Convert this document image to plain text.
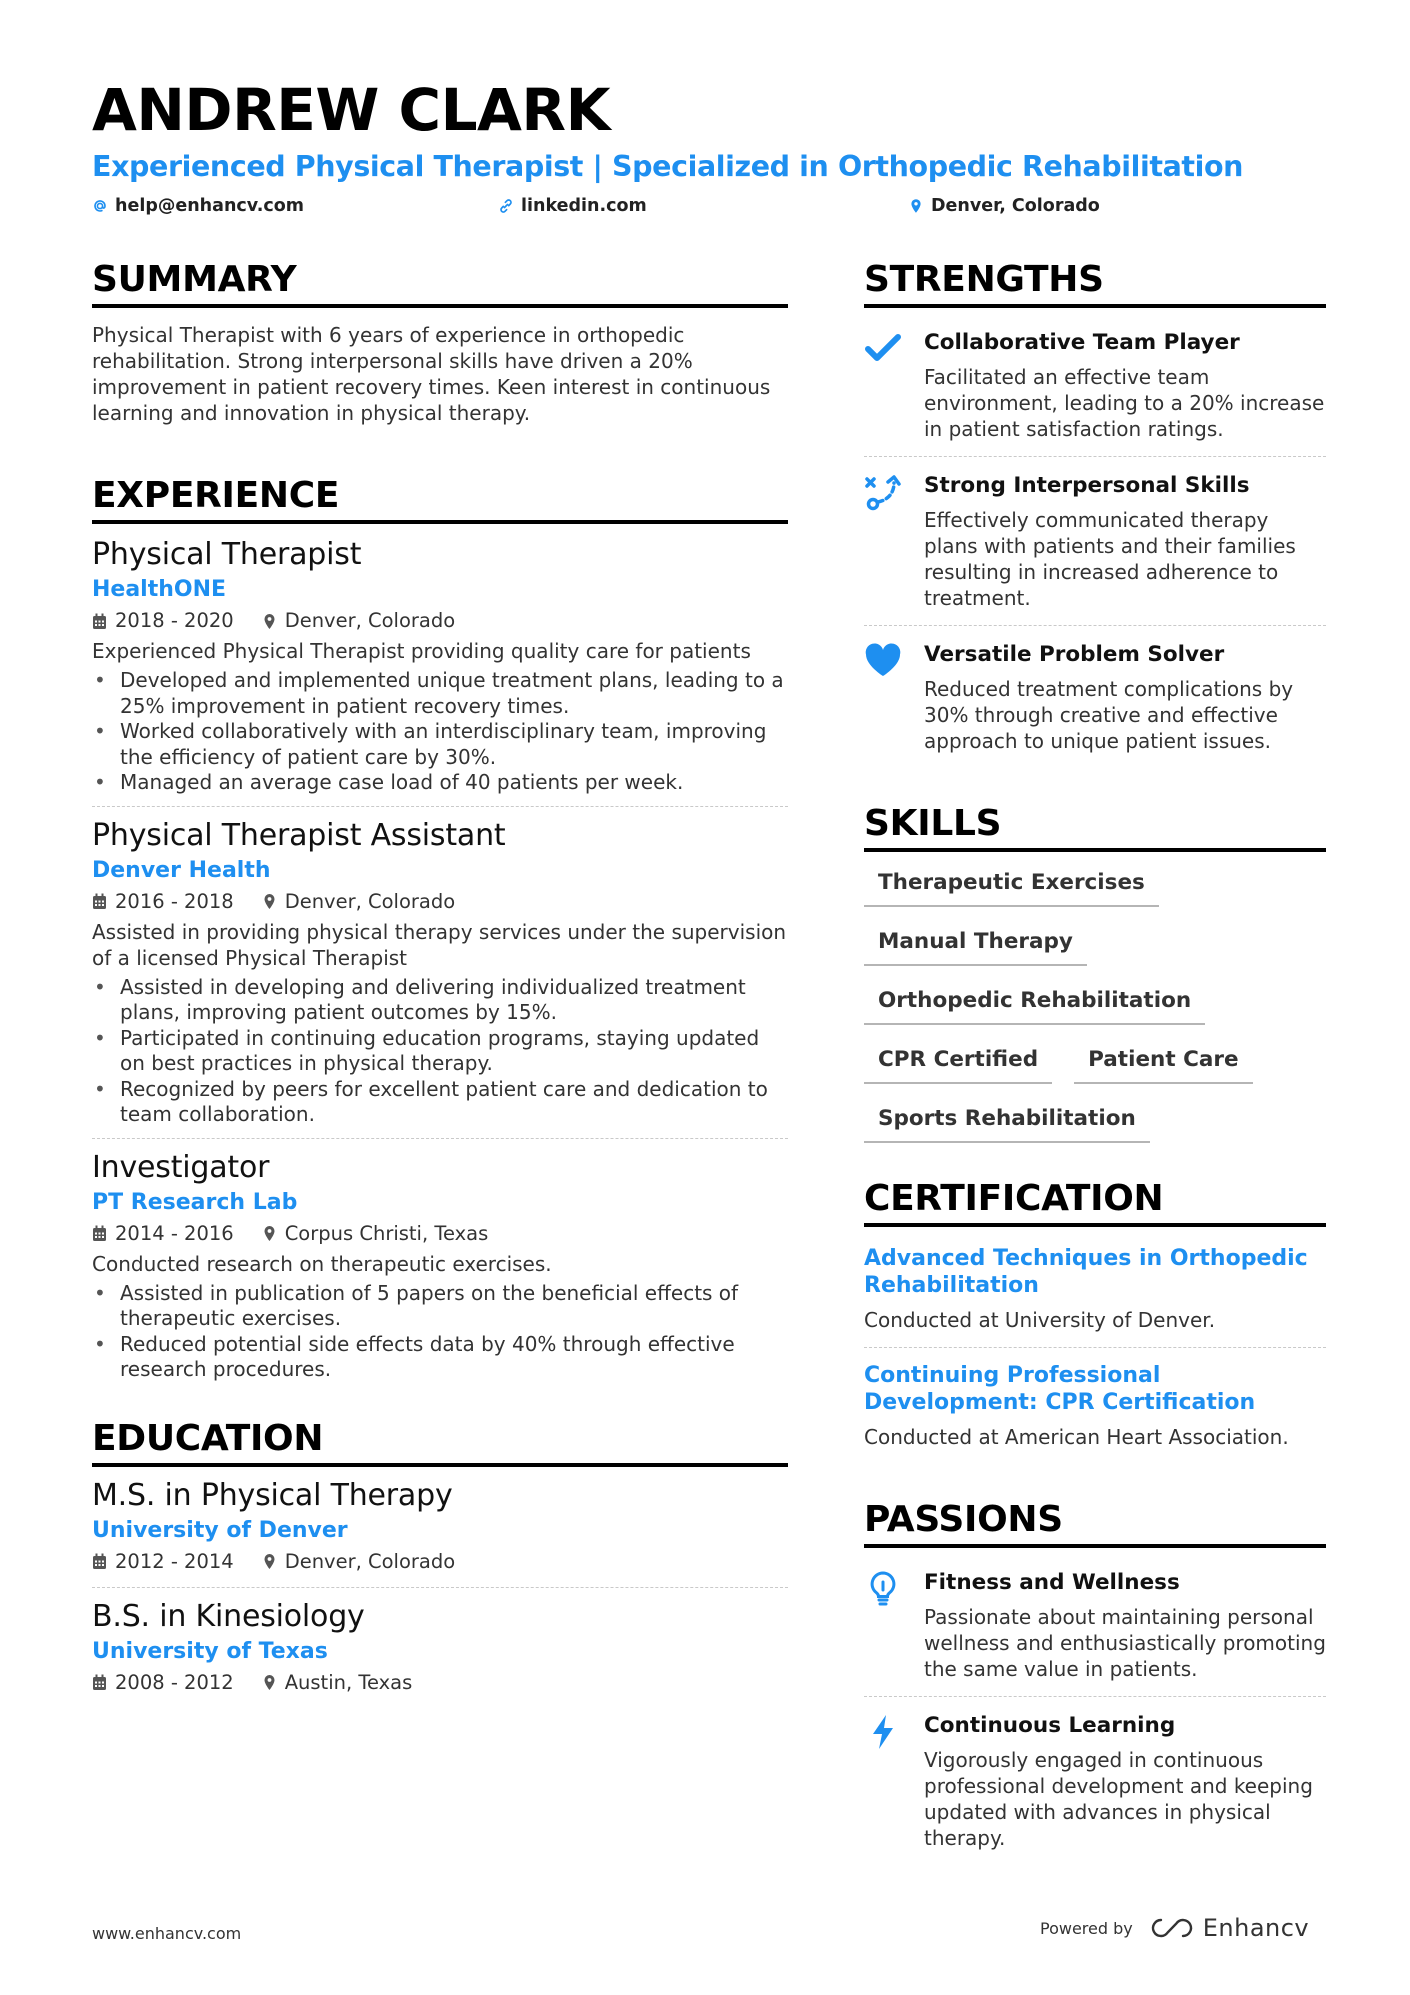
ANDREW CLARK
Experienced Physical Therapist | Specialized in Orthopedic Rehabilitation
help@enhancv.com	linkedin.com	Denver, Colorado
SUMMARY
Physical Therapist with 6 years of experience in orthopedic rehabilitation. Strong interpersonal skills have driven a 20% improvement in patient recovery times. Keen interest in continuous learning and innovation in physical therapy.
EXPERIENCE
Physical Therapist
HealthONE
2018 - 2020	Denver, Colorado
Experienced Physical Therapist providing quality care for patients
• Developed and implemented unique treatment plans, leading to a 25% improvement in patient recovery times.
• Worked collaboratively with an interdisciplinary team, improving the efficiency of patient care by 30%.
• Managed an average case load of 40 patients per week.
Physical Therapist Assistant
Denver Health
2016 - 2018	Denver, Colorado
Assisted in providing physical therapy services under the supervision of a licensed Physical Therapist
• Assisted in developing and delivering individualized treatment plans, improving patient outcomes by 15%.
• Participated in continuing education programs, staying updated on best practices in physical therapy.
• Recognized by peers for excellent patient care and dedication to team collaboration.
Investigator
PT Research Lab
2014 - 2016	Corpus Christi, Texas
Conducted research on therapeutic exercises.
• Assisted in publication of 5 papers on the beneficial effects of therapeutic exercises.
• Reduced potential side effects data by 40% through effective research procedures.
EDUCATION
M.S. in Physical Therapy
University of Denver
2012 - 2014	Denver, Colorado
B.S. in Kinesiology
University of Texas
2008 - 2012	Austin, Texas
STRENGTHS
Collaborative Team Player
Facilitated an effective team environment, leading to a 20% increase in patient satisfaction ratings.
Strong Interpersonal Skills
Effectively communicated therapy plans with patients and their families resulting in increased adherence to treatment.
Versatile Problem Solver
Reduced treatment complications by 30% through creative and effective approach to unique patient issues.
SKILLS
Therapeutic Exercises
Manual Therapy
Orthopedic Rehabilitation
CPR Certified	Patient Care
Sports Rehabilitation
CERTIFICATION
Advanced Techniques in Orthopedic Rehabilitation
Conducted at University of Denver.
Continuing Professional Development: CPR Certification
Conducted at American Heart Association.
PASSIONS
Fitness and Wellness
Passionate about maintaining personal wellness and enthusiastically promoting the same value in patients.
Continuous Learning
Vigorously engaged in continuous professional development and keeping updated with advances in physical therapy.
www.enhancv.com	Powered by	Enhancv
